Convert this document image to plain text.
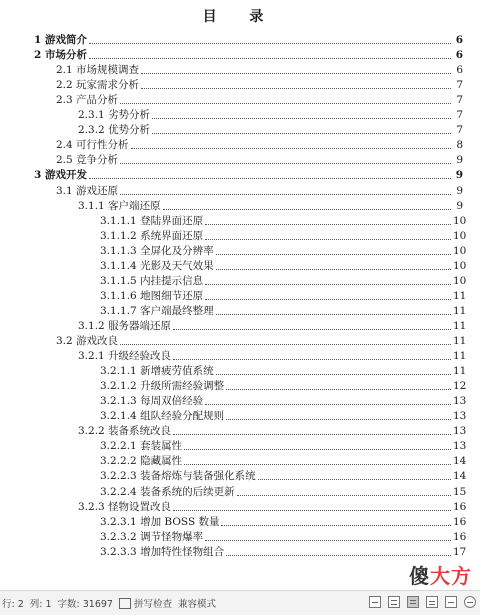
目 录
1 游戏简介	6
2 市场分析	6
2.1 市场规模调查	6
2.2 玩家需求分析	7
2.3 产品分析	7
2.3.1 劣势分析	7
2.3.2 优势分析	7
2.4 可行性分析	8
2.5 竞争分析	9
3 游戏开发	9
3.1 游戏还原	9
3.1.1 客户端还原	9
3.1.1.1 登陆界面还原	10
3.1.1.2 系统界面还原	10
3.1.1.3 全屏化及分辨率	10
3.1.1.4 光影及天气效果	10
3.1.1.5 内挂提示信息	10
3.1.1.6 地图细节还原	11
3.1.1.7 客户端最终整理	11
3.1.2 服务器端还原	11
3.2 游戏改良	11
3.2.1 升级经验改良	11
3.2.1.1 新增疲劳值系统	11
3.2.1.2 升级所需经验调整	12
3.2.1.3 每周双倍经验	13
3.2.1.4 组队经验分配规则	13
3.2.2 装备系统改良	13
3.2.2.1 套装属性	13
3.2.2.2 隐藏属性	14
3.2.2.3 装备熔炼与装备强化系统	14
3.2.2.4 装备系统的后续更新	15
3.2.3 怪物设置改良	16
3.2.3.1 增加 BOSS 数量	16
3.2.3.2 调节怪物爆率	16
3.2.3.3 增加特性怪物组合	17
傻大方
行: 2 列: 1 字数: 31697 拼写检查 兼容模式
